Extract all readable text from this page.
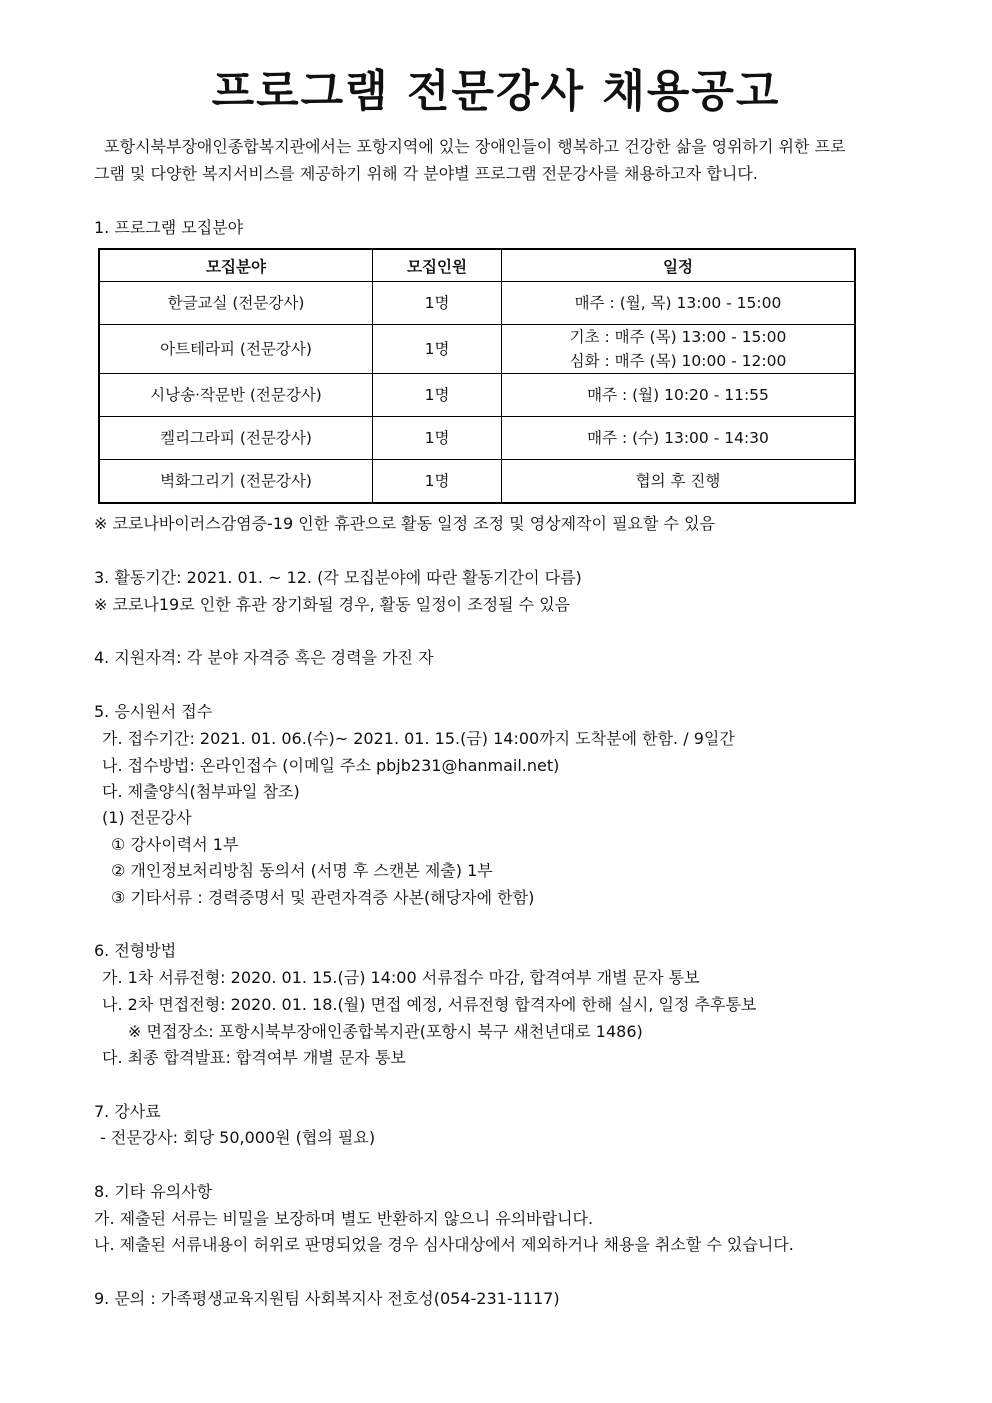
프로그램 전문강사 채용공고
포항시북부장애인종합복지관에서는 포항지역에 있는 장애인들이 행복하고 건강한 삶을 영위하기 위한 프로그램 및 다양한 복지서비스를 제공하기 위해 각 분야별 프로그램 전문강사를 채용하고자 합니다.
1. 프로그램 모집분야
모집분야	모집인원	일정
한글교실 (전문강사)	1명	매주 : (월, 목) 13:00 - 15:00

아트테라피 (전문강사)	1명	기초 : 매주 (목) 13:00 - 15:00
심화 : 매주 (목) 10:00 - 12:00

시낭송·작문반 (전문강사)	1명	매주 : (월) 10:20 - 11:55

켈리그라피 (전문강사)	1명	매주 : (수) 13:00 - 14:30

벽화그리기 (전문강사)	1명	협의 후 진행
※ 코로나바이러스감염증-19 인한 휴관으로 활동 일정 조정 및 영상제작이 필요할 수 있음
3. 활동기간: 2021. 01. ~ 12. (각 모집분야에 따란 활동기간이 다름)
※ 코로나19로 인한 휴관 장기화될 경우, 활동 일정이 조정될 수 있음
4. 지원자격: 각 분야 자격증 혹은 경력을 가진 자
5. 응시원서 접수
가. 접수기간: 2021. 01. 06.(수)~ 2021. 01. 15.(금) 14:00까지 도착분에 한함. / 9일간
나. 접수방법: 온라인접수 (이메일 주소 pbjb231@hanmail.net)
다. 제출양식(첨부파일 참조)
(1) 전문강사
① 강사이력서 1부
② 개인정보처리방침 동의서 (서명 후 스캔본 제출) 1부
③ 기타서류 : 경력증명서 및 관련자격증 사본(해당자에 한함)
6. 전형방법
가. 1차 서류전형: 2020. 01. 15.(금) 14:00 서류접수 마감, 합격여부 개별 문자 통보
나. 2차 면접전형: 2020. 01. 18.(월) 면접 예정, 서류전형 합격자에 한해 실시, 일정 추후통보
※ 면접장소: 포항시북부장애인종합복지관(포항시 북구 새천년대로 1486)
다. 최종 합격발표: 합격여부 개별 문자 통보
7. 강사료
- 전문강사: 회당 50,000원 (협의 필요)
8. 기타 유의사항
가. 제출된 서류는 비밀을 보장하며 별도 반환하지 않으니 유의바랍니다.
나. 제출된 서류내용이 허위로 판명되었을 경우 심사대상에서 제외하거나 채용을 취소할 수 있습니다.
9. 문의 : 가족평생교육지원팀 사회복지사 전호성(054-231-1117)
